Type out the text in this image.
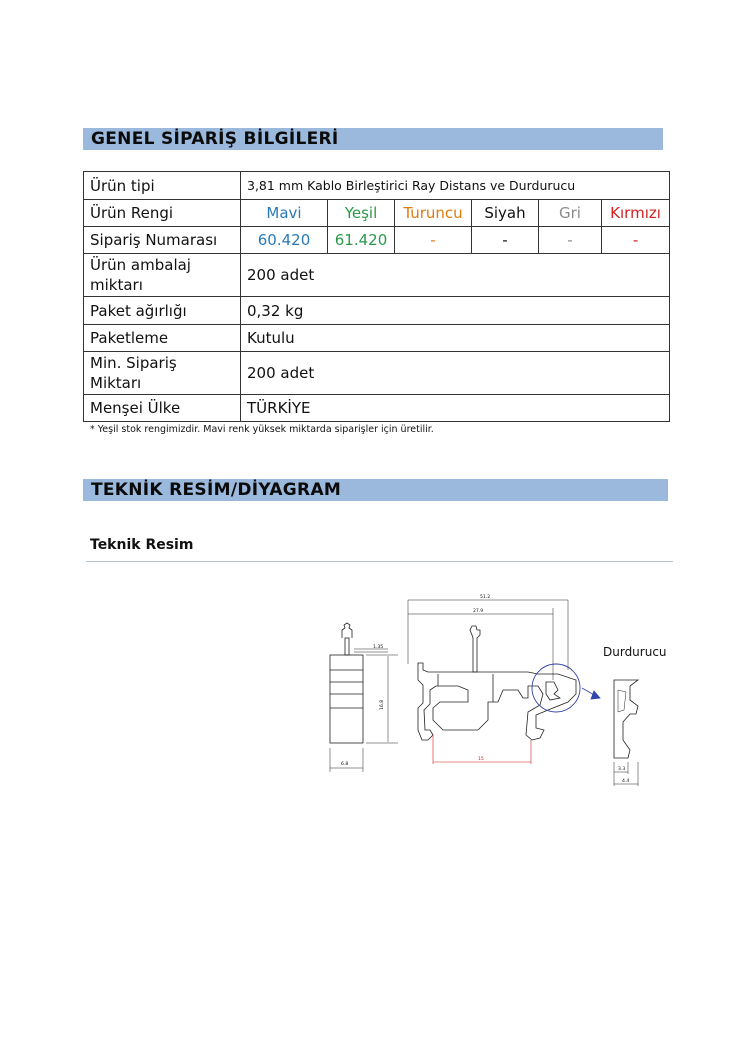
GENEL SİPARİŞ BİLGİLERİ
Ürün tipi	3,81 mm Kablo Birleştirici Ray Distans ve Durdurucu					
Ürün Rengi	Mavi	Yeşil	Turuncu	Siyah	Gri	Kırmızı
Sipariş Numarası	60.420	61.420	-	-	-	-

Ürün ambalaj
miktarı	200 adet					
Paket ağırlığı	0,32 kg					
Paketleme	Kutulu					

Min. Sipariş
Miktarı	200 adet					
Menşei Ülke	TÜRKİYE					
* Yeşil stok rengimizdir. Mavi renk yüksek miktarda siparişler için üretilir.
TEKNİK RESİM/DİYAGRAM
Teknik Resim
1.35
16.8
6.8
51.2
27.9
15
3.3
4.4
Durdurucu
